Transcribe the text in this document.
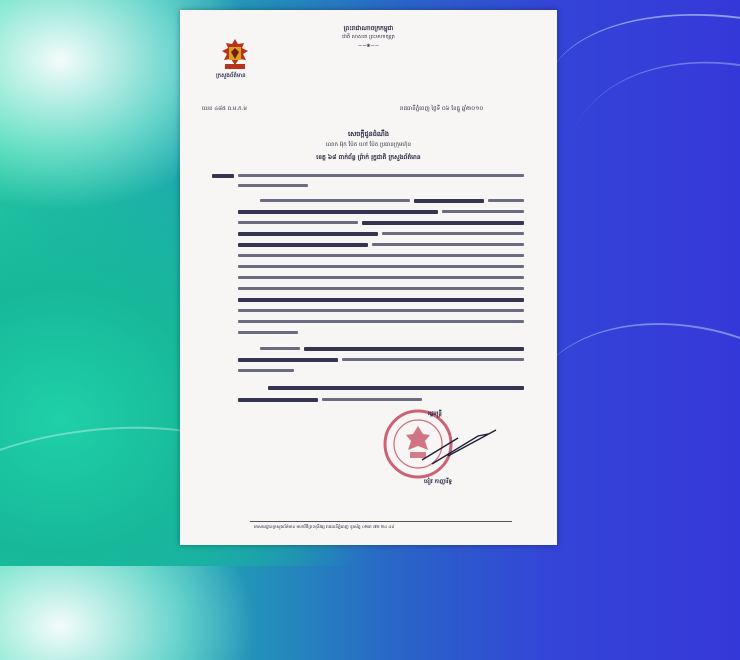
ព្រះរាជាណាចក្រកម្ពុជា
ជាតិ សាសនា ព្រះមហាក្សត្រ
∽∽❀∽∽
ក្រសួងព័ត៌មាន
លេខ ៤៨៥ ព.ម.ក.ម	រាជធានីភ្នំពេញ ថ្ងៃទី ០៦ ខែធ្នូ ឆ្នាំ២០១០
សេចក្តីជូនដំណឹង
លោក អ៊ុក ប៉ែត ហៅ ប៉ែត ប្រធានក្រុមហ៊ុន
ខេត្ត ៦៨ ពាក់ព័ន្ធ ព្រ៉ាក់ រុក្ខជាតិ ក្រសួងព័ត៌មាន
រដ្ឋមន្ត្រី
ខៀវ កាញារីទ្ធ
អាសយដ្ឋានក្រសួងព័ត៌មាន មហាវិថីព្រះមុនីវង្ស រាជធានីភ្នំពេញ ទូរស័ព្ទ ០២៣ ៧២ ២៤ ៤៨
